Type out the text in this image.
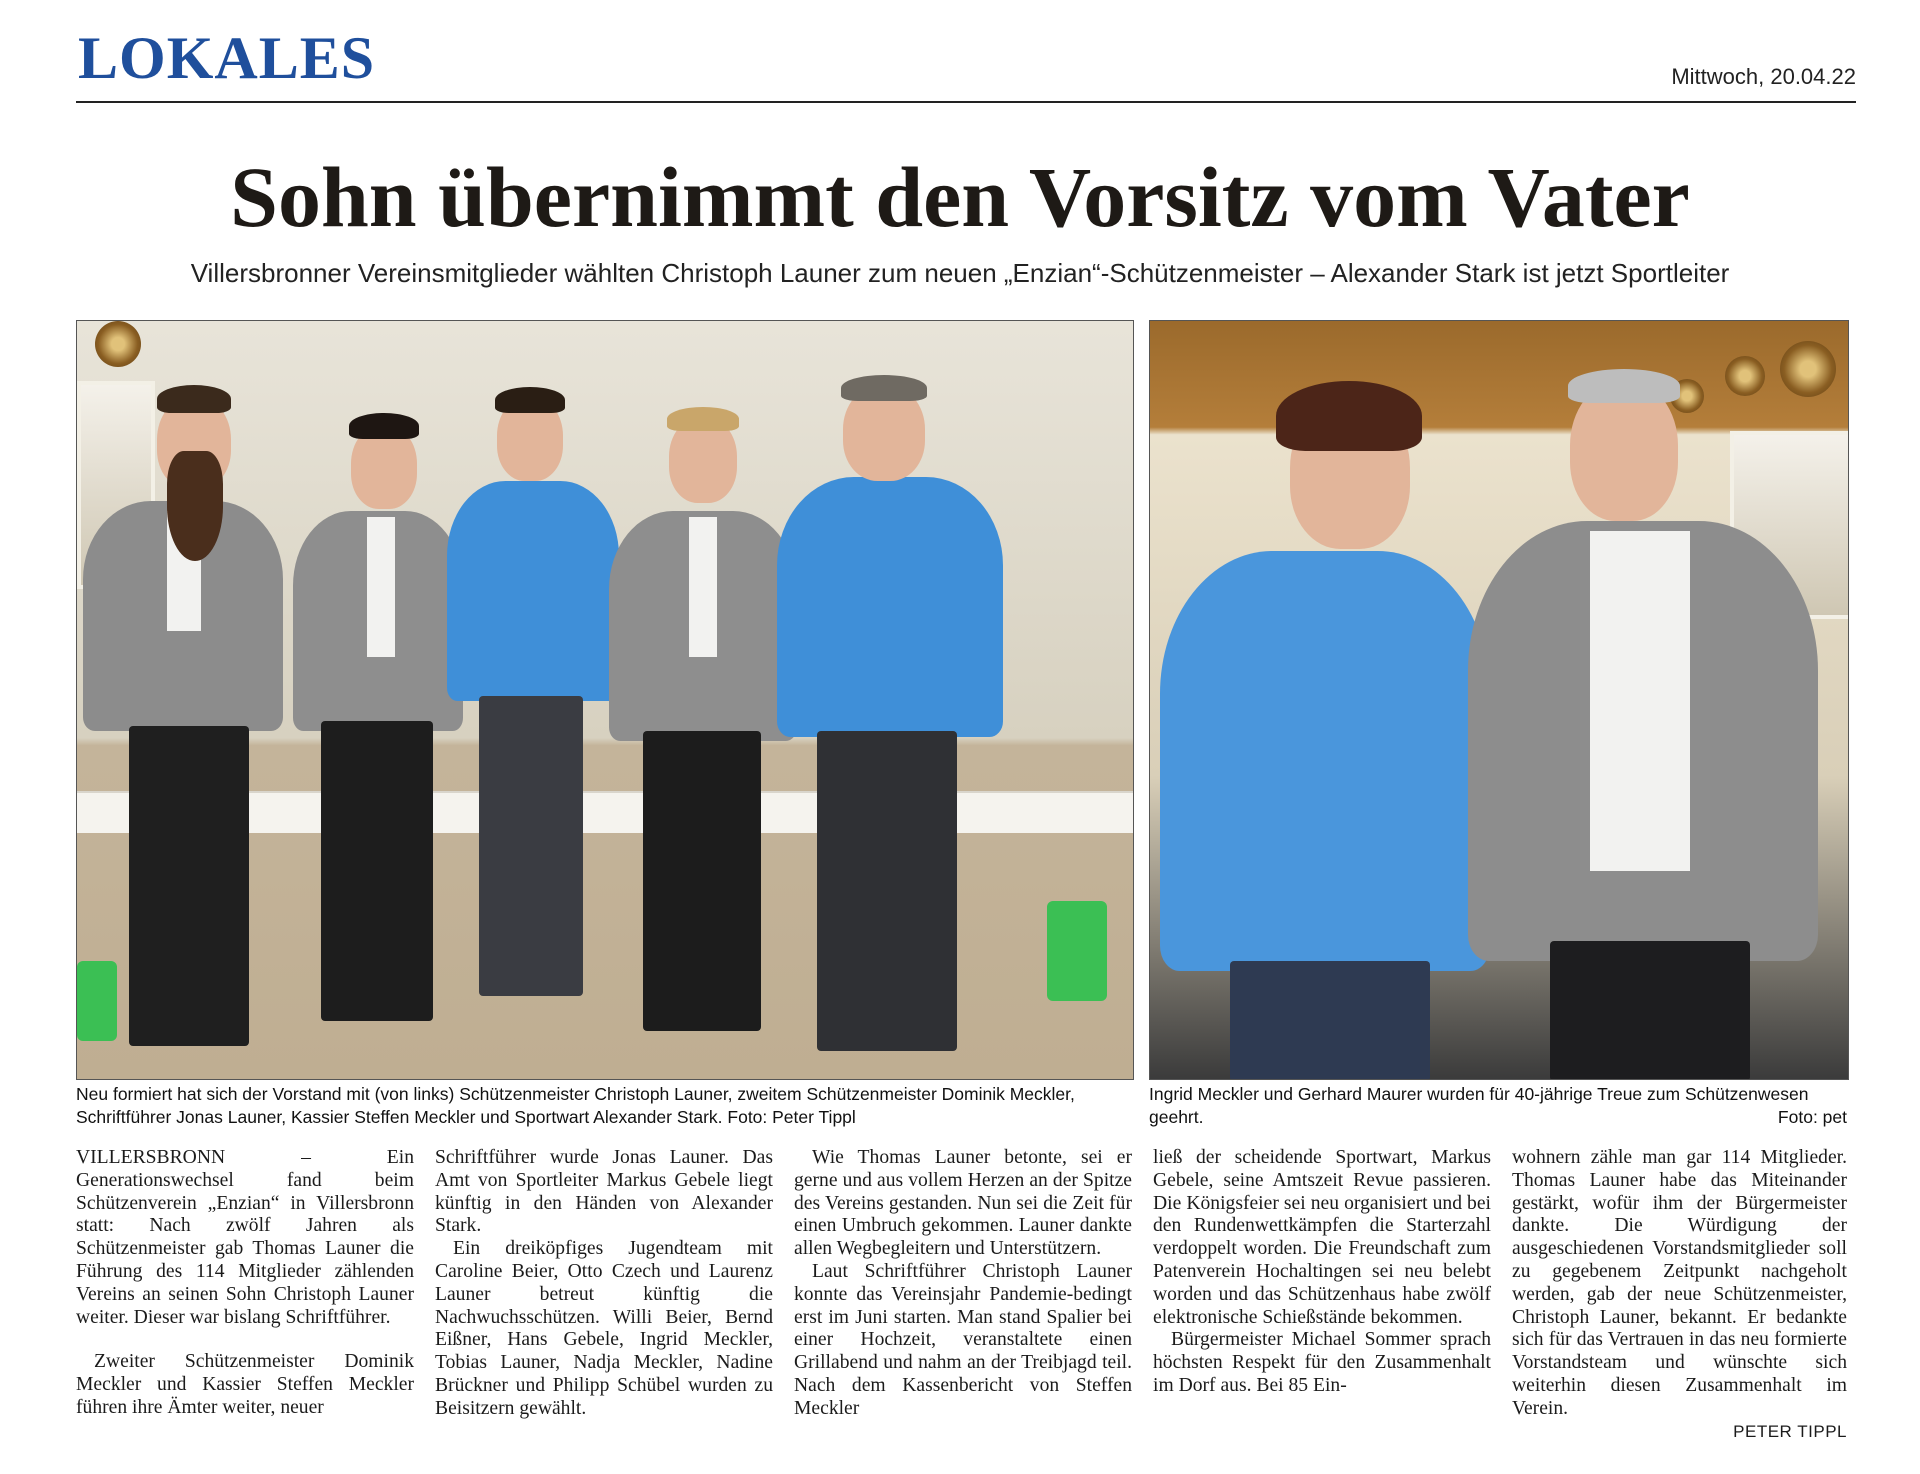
LOKALES	Mittwoch, 20.04.22
Sohn übernimmt den Vorsitz vom Vater
Villersbronner Vereinsmitglieder wählten Christoph Launer zum neuen „Enzian“-Schützenmeister – Alexander Stark ist jetzt Sportleiter
Neu formiert hat sich der Vorstand mit (von links) Schützenmeister Christoph Launer, zweitem Schützenmeister Dominik Meckler, Schriftführer Jonas Launer, Kassier Steffen Meckler und Sportwart Alexander Stark. Foto: Peter Tippl
Ingrid Meckler und Gerhard Maurer wurden für 40-jährige Treue zum Schützenwesen geehrt.	Foto: pet

VILLERSBRONN – Ein Generationswechsel fand beim Schützenverein „Enzian“ in Villersbronn statt: Nach zwölf Jahren als Schützenmeister gab Thomas Launer die Führung des 114 Mitglieder zählenden Vereins an seinen Sohn Christoph Launer weiter. Dieser war bislang Schriftführer.

Zweiter Schützenmeister Dominik Meckler und Kassier Steffen Meckler führen ihre Ämter weiter, neuer

Schriftführer wurde Jonas Launer. Das Amt von Sportleiter Markus Gebele liegt künftig in den Händen von Alexander Stark.

Ein dreiköpfiges Jugendteam mit Caroline Beier, Otto Czech und Laurenz Launer betreut künftig die Nachwuchsschützen. Willi Beier, Bernd Eißner, Hans Gebele, Ingrid Meckler, Tobias Launer, Nadja Meckler, Nadine Brückner und Philipp Schübel wurden zu Beisitzern gewählt.

Wie Thomas Launer betonte, sei er gerne und aus vollem Herzen an der Spitze des Vereins gestanden. Nun sei die Zeit für einen Umbruch gekommen. Launer dankte allen Wegbegleitern und Unterstützern.

Laut Schriftführer Christoph Launer konnte das Vereinsjahr Pandemie-bedingt erst im Juni starten. Man stand Spalier bei einer Hochzeit, veranstaltete einen Grillabend und nahm an der Treibjagd teil. Nach dem Kassenbericht von Steffen Meckler

ließ der scheidende Sportwart, Markus Gebele, seine Amtszeit Revue passieren. Die Königsfeier sei neu organisiert und bei den Rundenwettkämpfen die Starterzahl verdoppelt worden. Die Freundschaft zum Patenverein Hochaltingen sei neu belebt worden und das Schützenhaus habe zwölf elektronische Schießstände bekommen.

Bürgermeister Michael Sommer sprach höchsten Respekt für den Zusammenhalt im Dorf aus. Bei 85 Ein-

wohnern zähle man gar 114 Mitglieder. Thomas Launer habe das Miteinander gestärkt, wofür ihm der Bürgermeister dankte. Die Würdigung der ausgeschiedenen Vorstandsmitglieder soll zu gegebenem Zeitpunkt nachgeholt werden, gab der neue Schützenmeister, Christoph Launer, bekannt. Er bedankte sich für das Vertrauen in das neu formierte Vorstandsteam und wünschte sich weiterhin diesen Zusammenhalt im Verein.

PETER TIPPL
